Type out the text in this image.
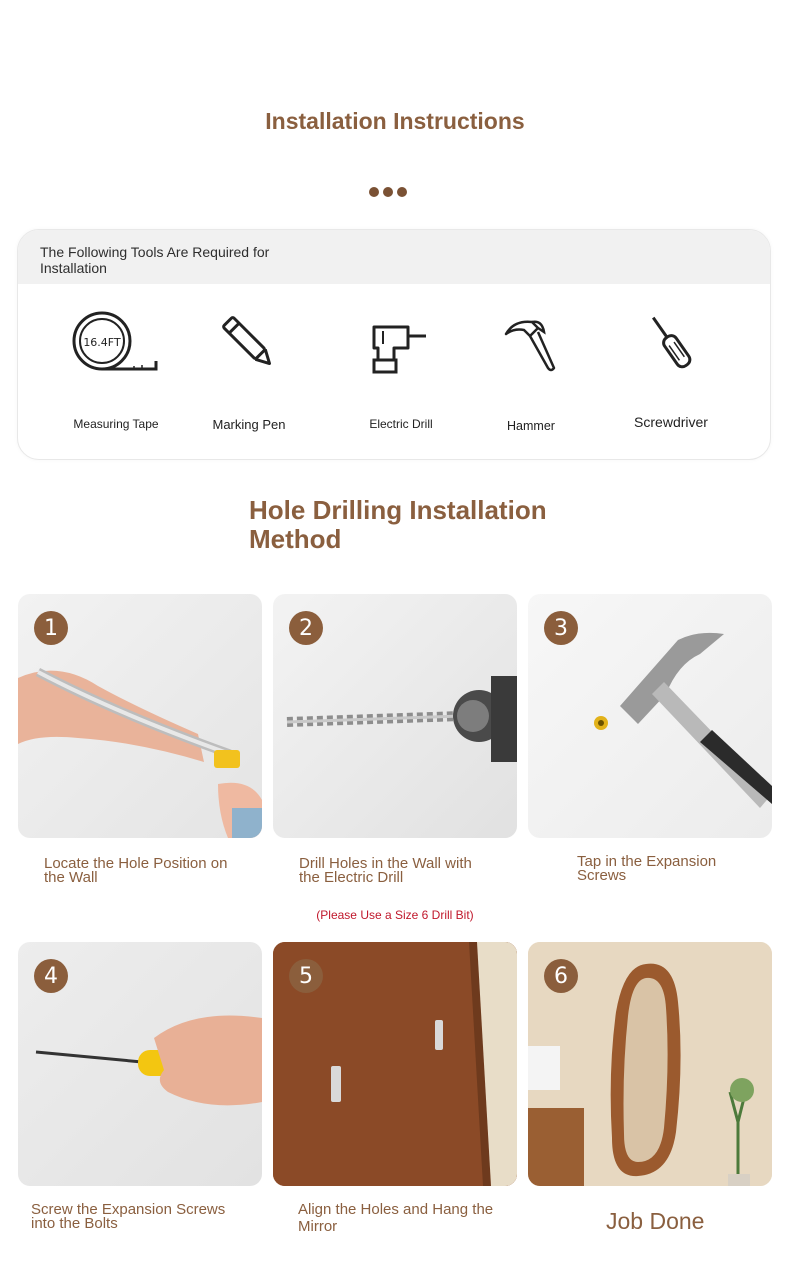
Installation Instructions
The Following Tools Are Required for Installation
16.4FT
Measuring Tape	Marking Pen	Electric Drill	Hammer	Screwdriver
Hole Drilling Installation Method
1
Locate the Hole Position on the Wall
2
Drill Holes in the Wall with the Electric Drill
3
Tap in the Expansion Screws
(Please Use a Size 6 Drill Bit)
4
Screw the Expansion Screws into the Bolts
5
Align the Holes and Hang the Mirror
6
Job Done
